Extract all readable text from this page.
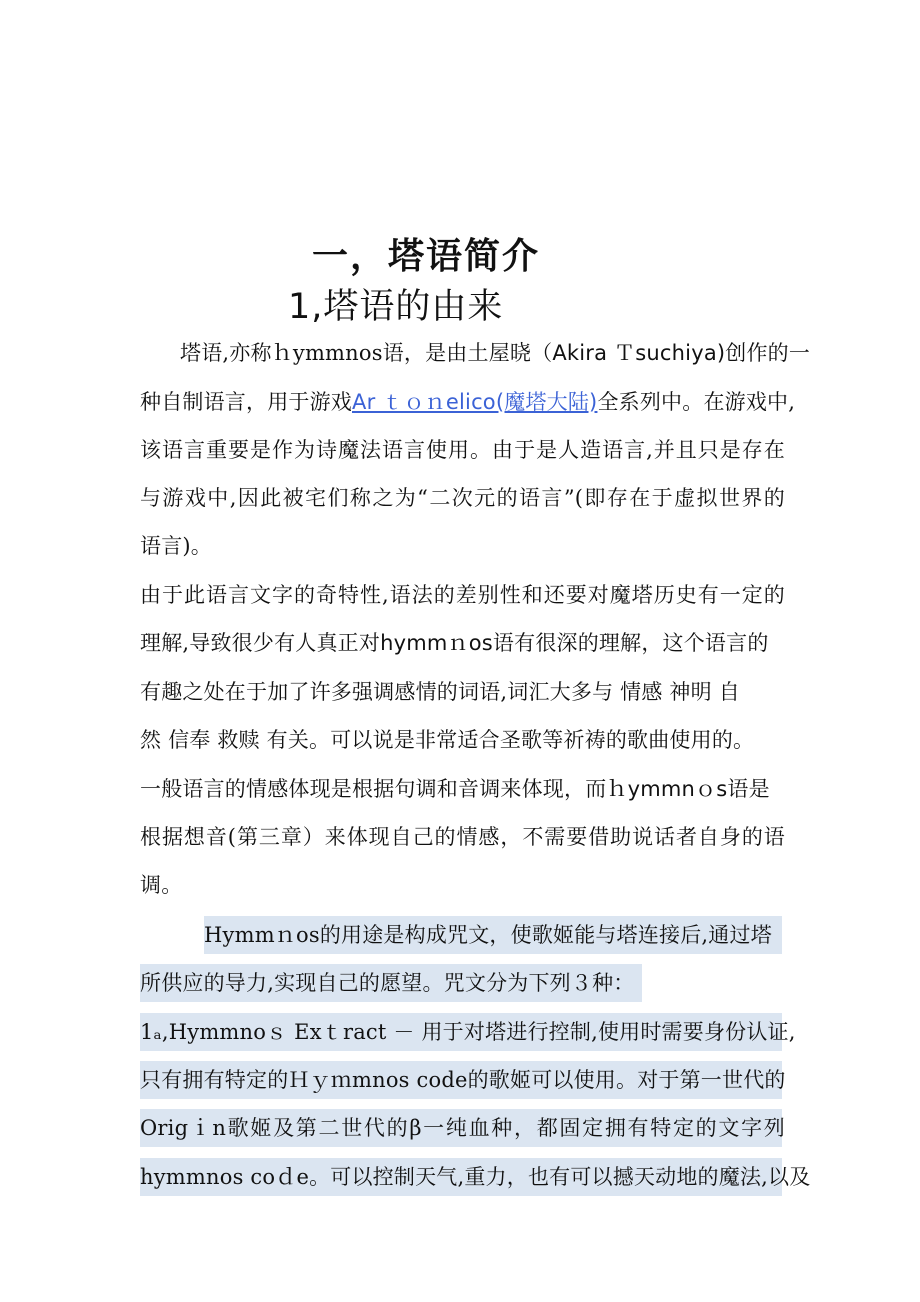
一，塔语简介
1,塔语的由来
塔语,亦称ｈymmnos语，是由土屋晓（Akira Ｔsuchiya)创作的一
种自制语言，用于游戏Ar ｔｏｎelico(魔塔大陆)全系列中。在游戏中,
该语言重要是作为诗魔法语言使用。由于是人造语言,并且只是存在
与游戏中,因此被宅们称之为“二次元的语言”(即存在于虚拟世界的
语言)。
由于此语言文字的奇特性,语法的差别性和还要对魔塔历史有一定的
理解,导致很少有人真正对hymmｎos语有很深的理解，这个语言的
有趣之处在于加了许多强调感情的词语,词汇大多与 情感 神明 自
然 信奉 救赎 有关。可以说是非常适合圣歌等祈祷的歌曲使用的。
一般语言的情感体现是根据句调和音调来体现，而ｈymmnｏs语是
根据想音(第三章）来体现自己的情感，不需要借助说话者自身的语
调。
Hymmｎos的用途是构成咒文，使歌姬能与塔连接后,通过塔
所供应的导力,实现自己的愿望。咒文分为下列３种：
1ₐ,Hymmnoｓ Exｔract － 用于对塔进行控制,使用时需要身份认证,
只有拥有特定的Ｈｙｍmnos code的歌姬可以使用。对于第一世代的
Origｉn歌姬及第二世代的β一纯血种，都固定拥有特定的文字列
hymmnos coｄe。可以控制天气,重力，也有可以撼天动地的魔法,以及
